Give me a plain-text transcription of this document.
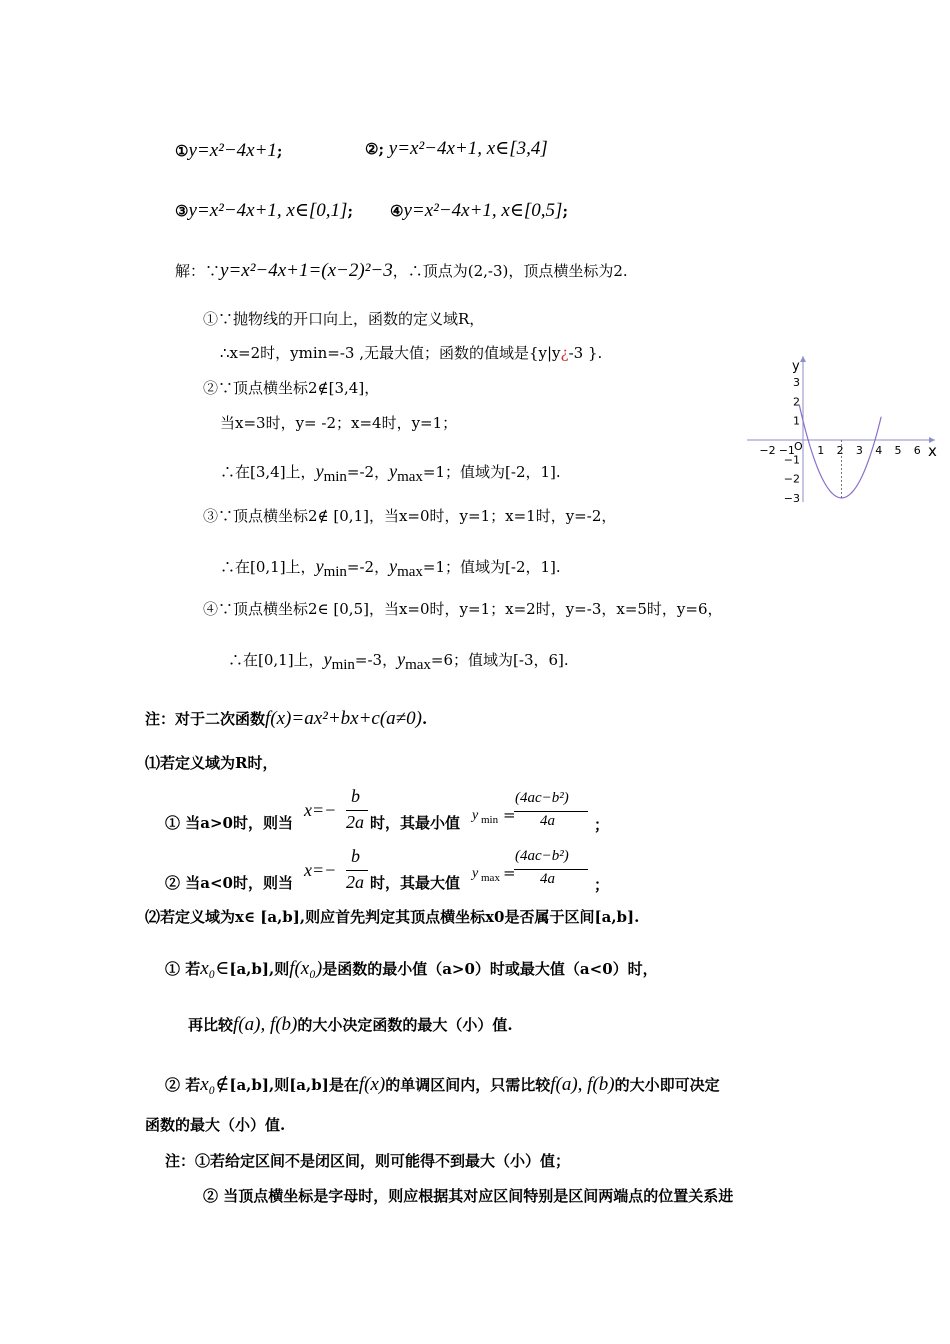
①y=x²−4x+1;	②; y=x²−4x+1, x∈[3,4]
③y=x²−4x+1, x∈[0,1]; ④y=x²−4x+1, x∈[0,5];
解：∵y=x²−4x+1=(x−2)²−3，∴顶点为(2,-3)，顶点横坐标为2.
①∵抛物线的开口向上，函数的定义域R，
∴x=2时，ymin=-3 ,无最大值；函数的值域是{y|y¿-3 }.
②∵顶点横坐标2∉[3,4]，
当x=3时，y= -2；x=4时，y=1；
∴在[3,4]上，$y_{min}=-2$，$y_{max}=1$；值域为[-2，1].
③∵顶点横坐标2∉ [0,1]，当x=0时，y=1；x=1时，y=-2，
∴在[0,1]上，$y_{min}=-2$，$y_{max}=1$；值域为[-2，1].
④∵顶点横坐标2∈ [0,5]，当x=0时，y=1；x=2时，y=-3，x=5时，y=6，
∴在[0,1]上，$y_{min}=-3$，$y_{max}=6$；值域为[-3，6].
x
y
O
−2 −1 1 2 3 4 5 6
3
2
1
−1
−2
−3
注：对于二次函数f(x)=ax²+bx+c(a≠0).
⑴若定义域为R时，
① 当a>0时，则当
x=−
b
2a 时，其最小值 y min =
(4ac−b²)
4a	；
② 当a<0时，则当
x=−
b
2a 时，其最大值
y max =
(4ac−b²)
4a	；
⑵若定义域为x∈ [a,b],则应首先判定其顶点横坐标x0是否属于区间[a,b].
① 若x₀∈[a,b],则f(x₀)是函数的最小值（a>0）时或最大值（a<0）时，
再比较f(a), f(b)的大小决定函数的最大（小）值.
② 若x₀∉[a,b],则[a,b]是在f(x)的单调区间内，只需比较f(a), f(b)的大小即可决定
函数的最大（小）值.
注：①若给定区间不是闭区间，则可能得不到最大（小）值；
② 当顶点横坐标是字母时，则应根据其对应区间特别是区间两端点的位置关系进
